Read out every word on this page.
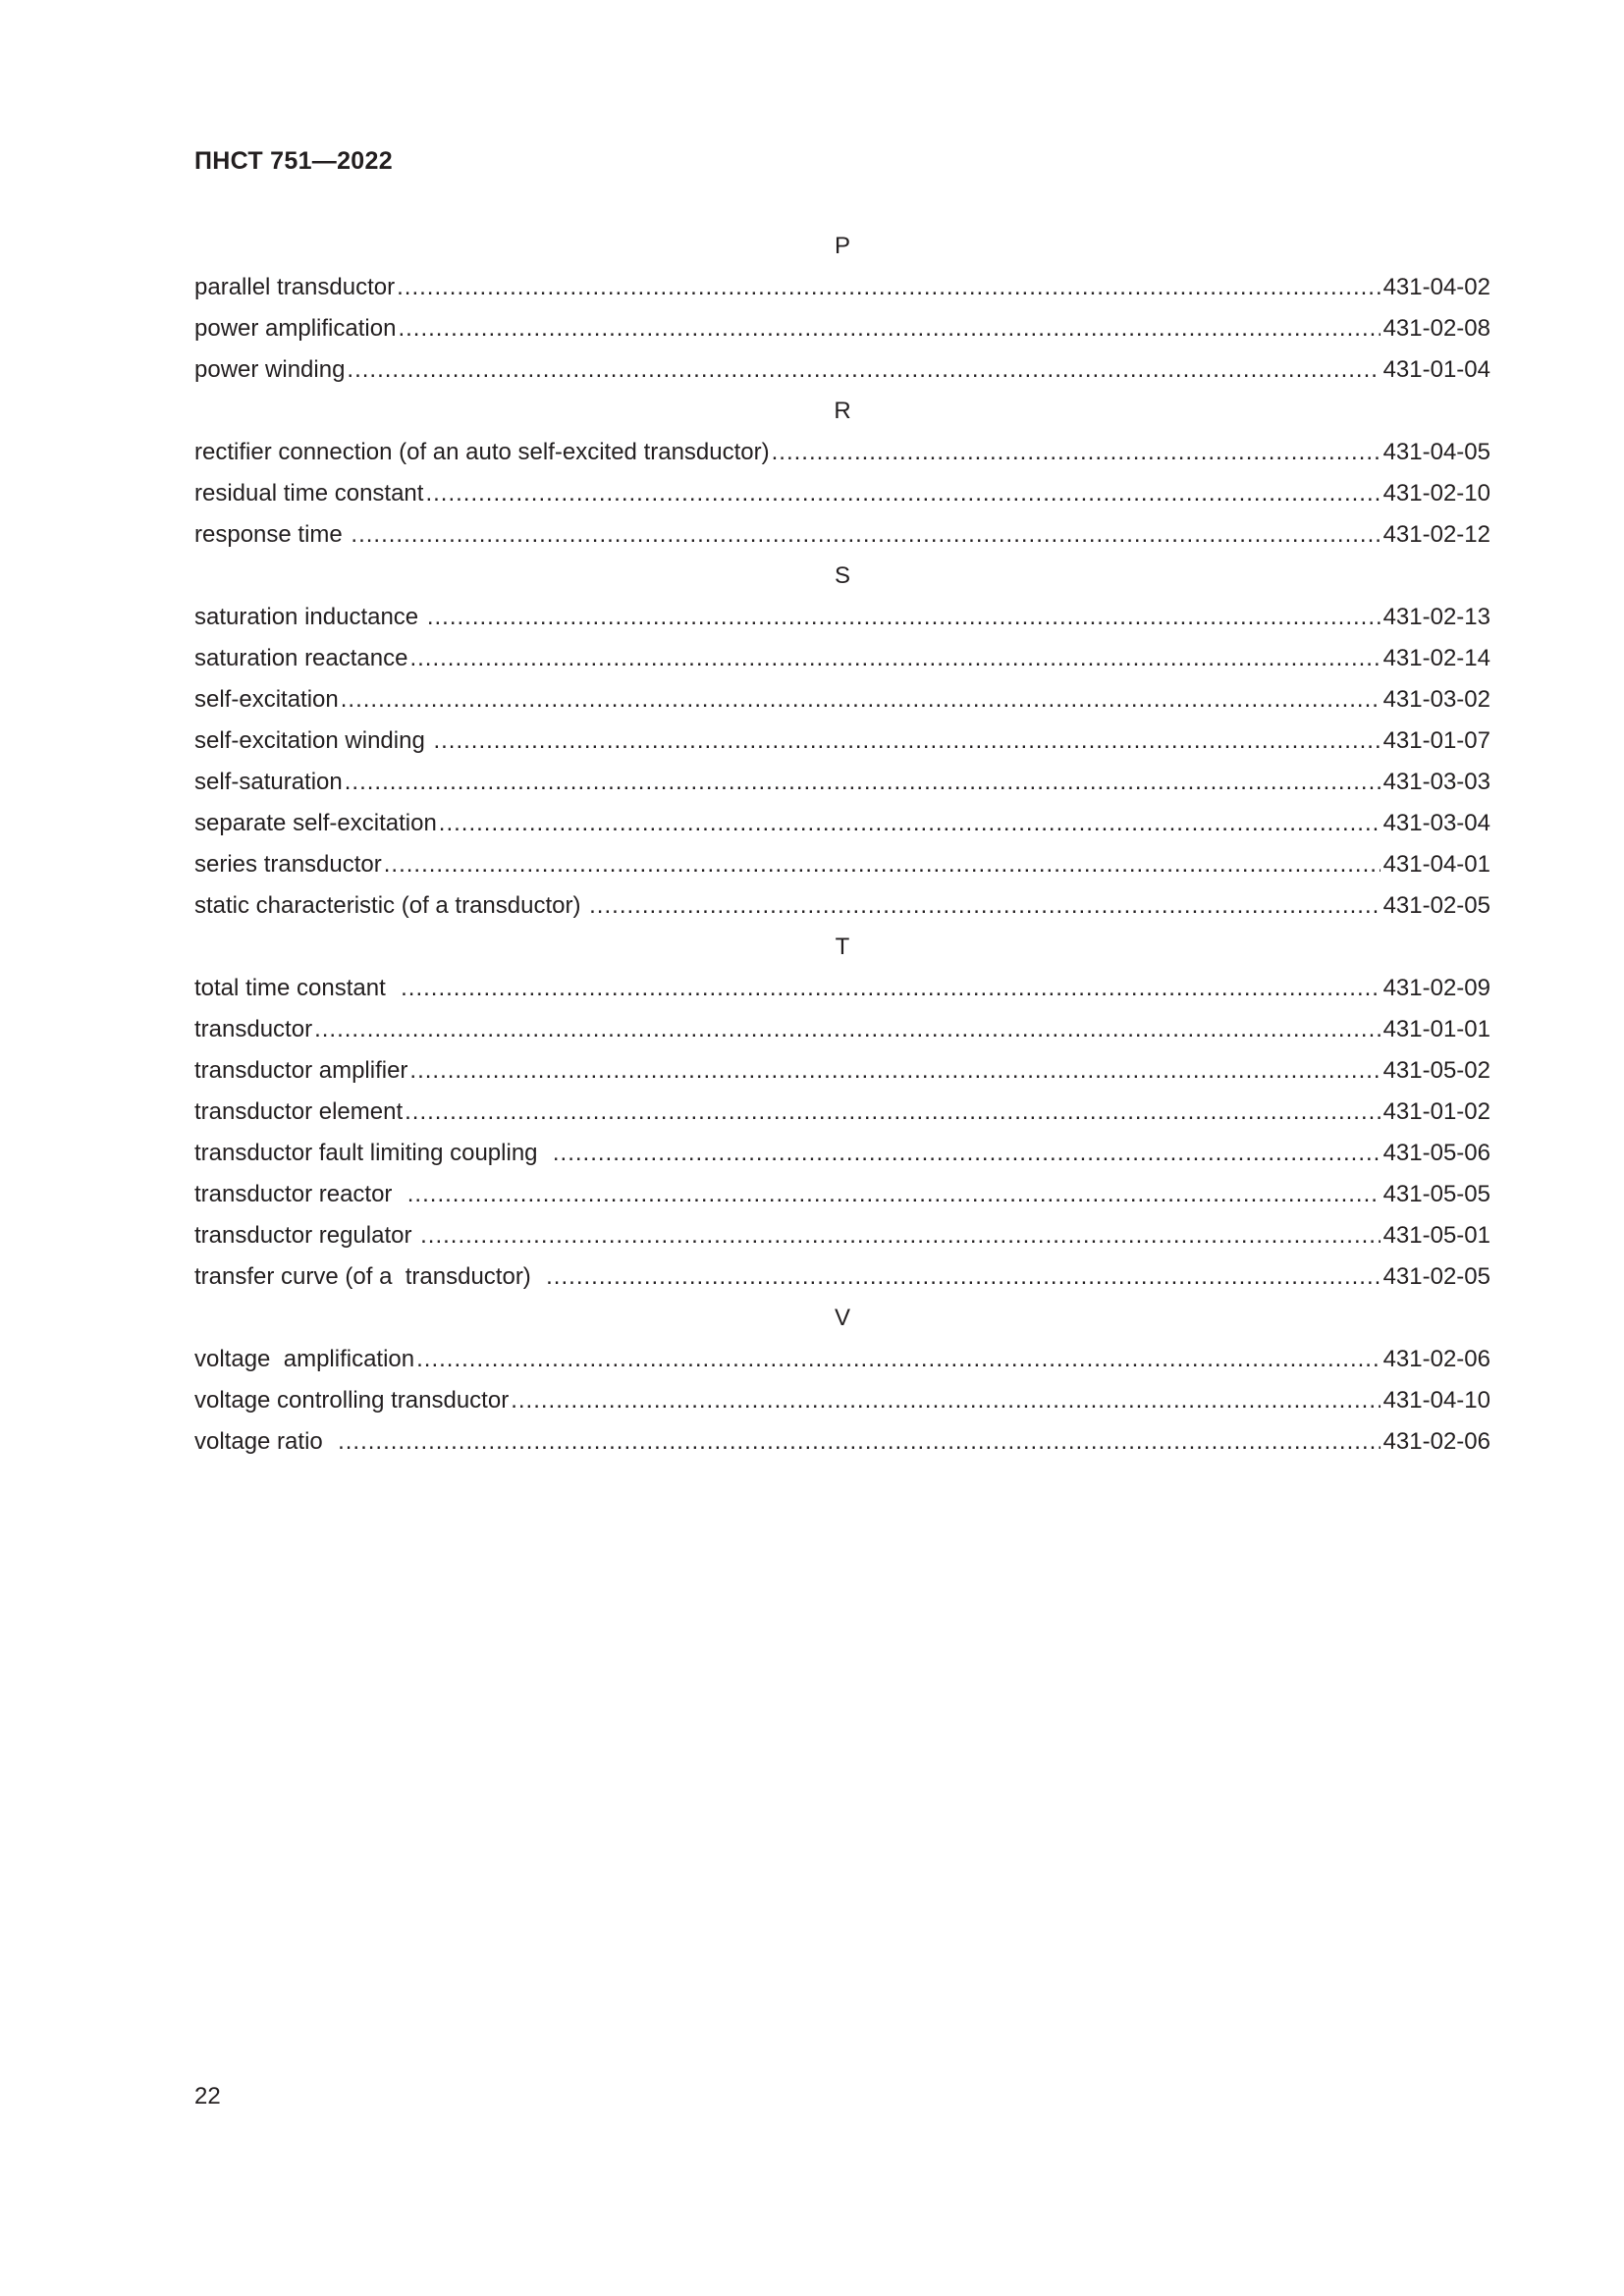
ПНСТ 751—2022
P
parallel transductor .....	431-04-02
power amplification .....	431-02-08
power winding .....	431-01-04
R
rectifier connection (of an auto self-excited transductor) .....	431-04-05
residual time constant .....	431-02-10
response time .....	431-02-12
S
saturation inductance .....	431-02-13
saturation reactance .....	431-02-14
self-excitation .....	431-03-02
self-excitation winding .....	431-01-07
self-saturation .....	431-03-03
separate self-excitation .....	431-03-04
series transductor .....	431-04-01
static characteristic (of a transductor) .....	431-02-05
T
total time constant .....	431-02-09
transductor .....	431-01-01
transductor amplifier .....	431-05-02
transductor element .....	431-01-02
transductor fault limiting coupling .....	431-05-06
transductor reactor .....	431-05-05
transductor regulator .....	431-05-01
transfer curve (of a  transductor) .....	431-02-05
V
voltage  amplification .....	431-02-06
voltage controlling transductor .....	431-04-10
voltage ratio .....	431-02-06
22
